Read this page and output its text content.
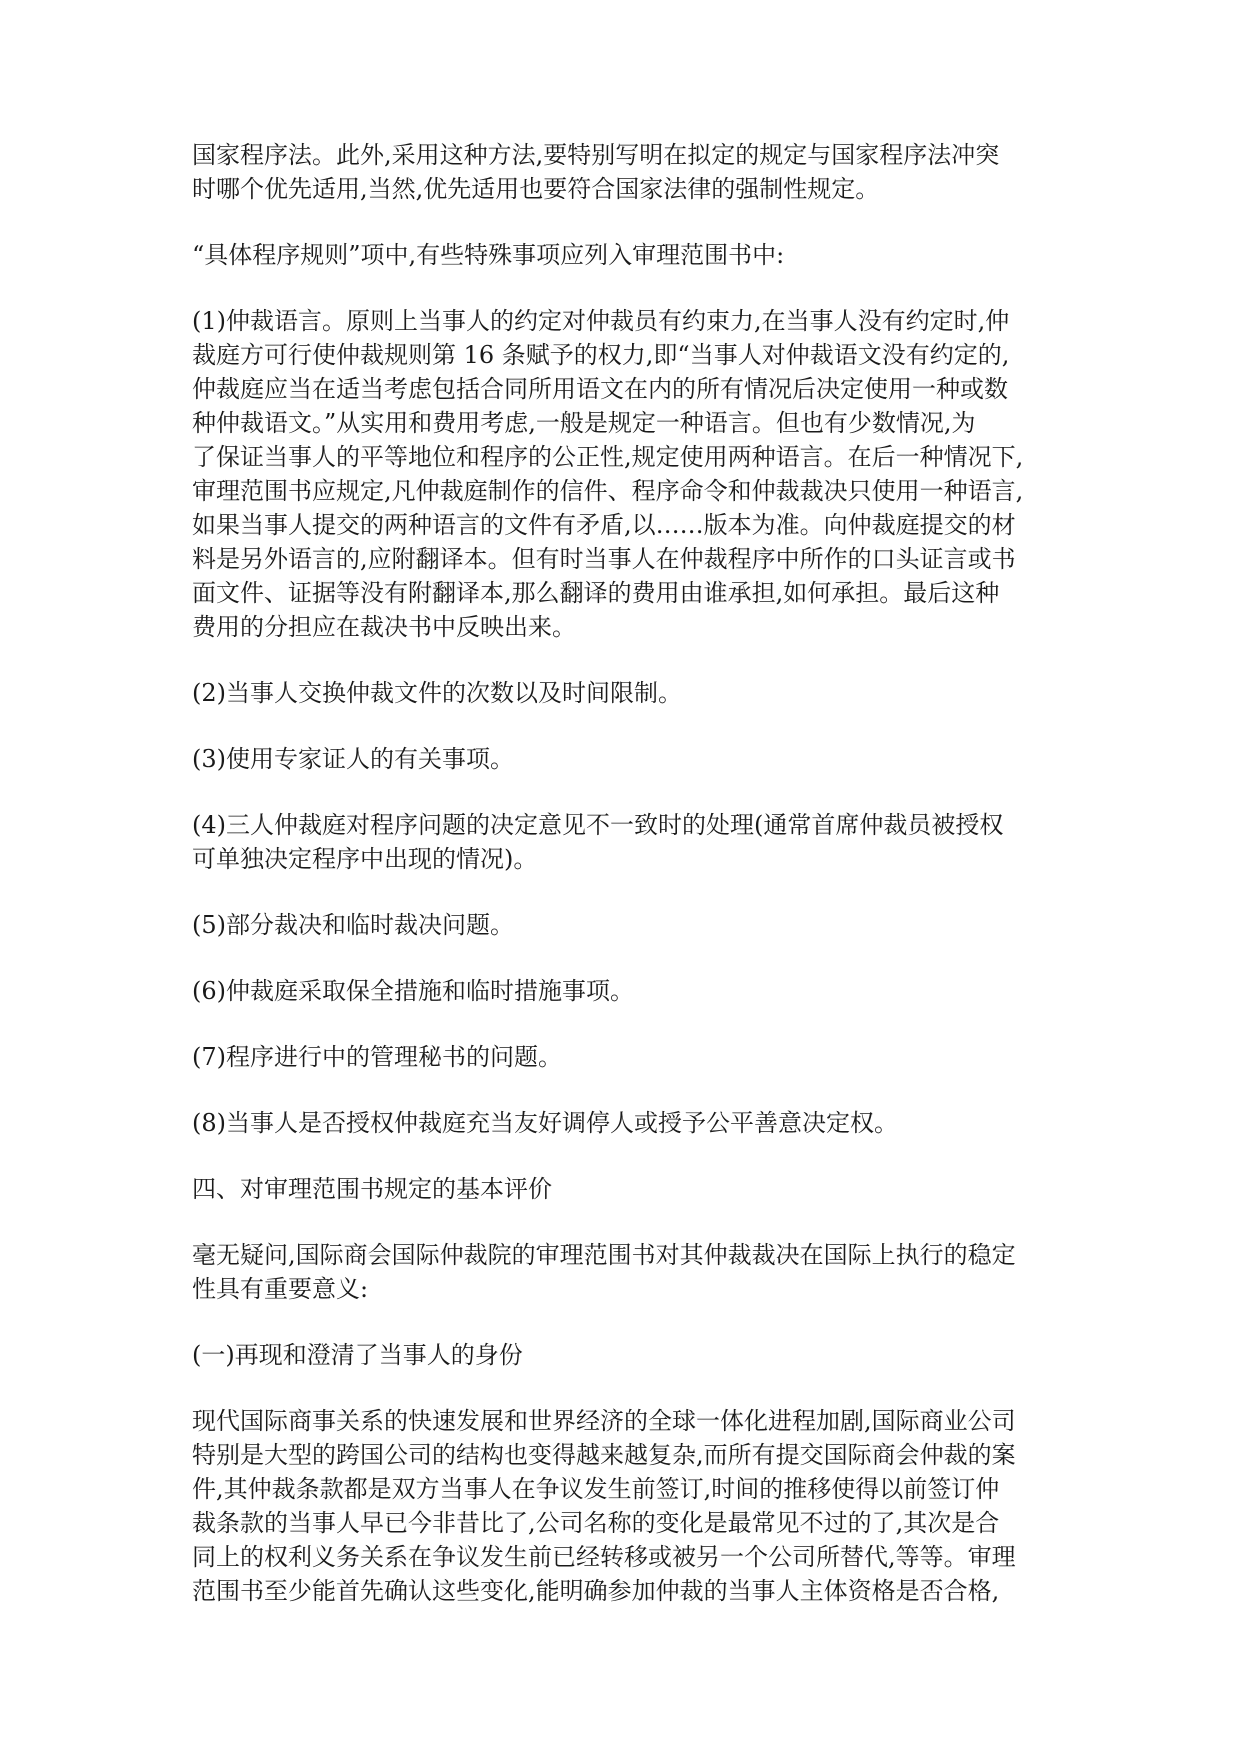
国家程序法。此外,采用这种方法,要特别写明在拟定的规定与国家程序法冲突
时哪个优先适用,当然,优先适用也要符合国家法律的强制性规定。

“具体程序规则”项中,有些特殊事项应列入审理范围书中:

(1)仲裁语言。原则上当事人的约定对仲裁员有约束力,在当事人没有约定时,仲
裁庭方可行使仲裁规则第 16 条赋予的权力,即“当事人对仲裁语文没有约定的,
仲裁庭应当在适当考虑包括合同所用语文在内的所有情况后决定使用一种或数
种仲裁语文。”从实用和费用考虑,一般是规定一种语言。但也有少数情况,为
了保证当事人的平等地位和程序的公正性,规定使用两种语言。在后一种情况下,
审理范围书应规定,凡仲裁庭制作的信件、程序命令和仲裁裁决只使用一种语言,
如果当事人提交的两种语言的文件有矛盾,以……版本为准。向仲裁庭提交的材
料是另外语言的,应附翻译本。但有时当事人在仲裁程序中所作的口头证言或书
面文件、证据等没有附翻译本,那么翻译的费用由谁承担,如何承担。最后这种
费用的分担应在裁决书中反映出来。

(2)当事人交换仲裁文件的次数以及时间限制。

(3)使用专家证人的有关事项。

(4)三人仲裁庭对程序问题的决定意见不一致时的处理(通常首席仲裁员被授权
可单独决定程序中出现的情况)。

(5)部分裁决和临时裁决问题。

(6)仲裁庭采取保全措施和临时措施事项。

(7)程序进行中的管理秘书的问题。

(8)当事人是否授权仲裁庭充当友好调停人或授予公平善意决定权。

四、对审理范围书规定的基本评价

毫无疑问,国际商会国际仲裁院的审理范围书对其仲裁裁决在国际上执行的稳定
性具有重要意义:

(一)再现和澄清了当事人的身份

现代国际商事关系的快速发展和世界经济的全球一体化进程加剧,国际商业公司
特别是大型的跨国公司的结构也变得越来越复杂,而所有提交国际商会仲裁的案
件,其仲裁条款都是双方当事人在争议发生前签订,时间的推移使得以前签订仲
裁条款的当事人早已今非昔比了,公司名称的变化是最常见不过的了,其次是合
同上的权利义务关系在争议发生前已经转移或被另一个公司所替代,等等。审理
范围书至少能首先确认这些变化,能明确参加仲裁的当事人主体资格是否合格,
